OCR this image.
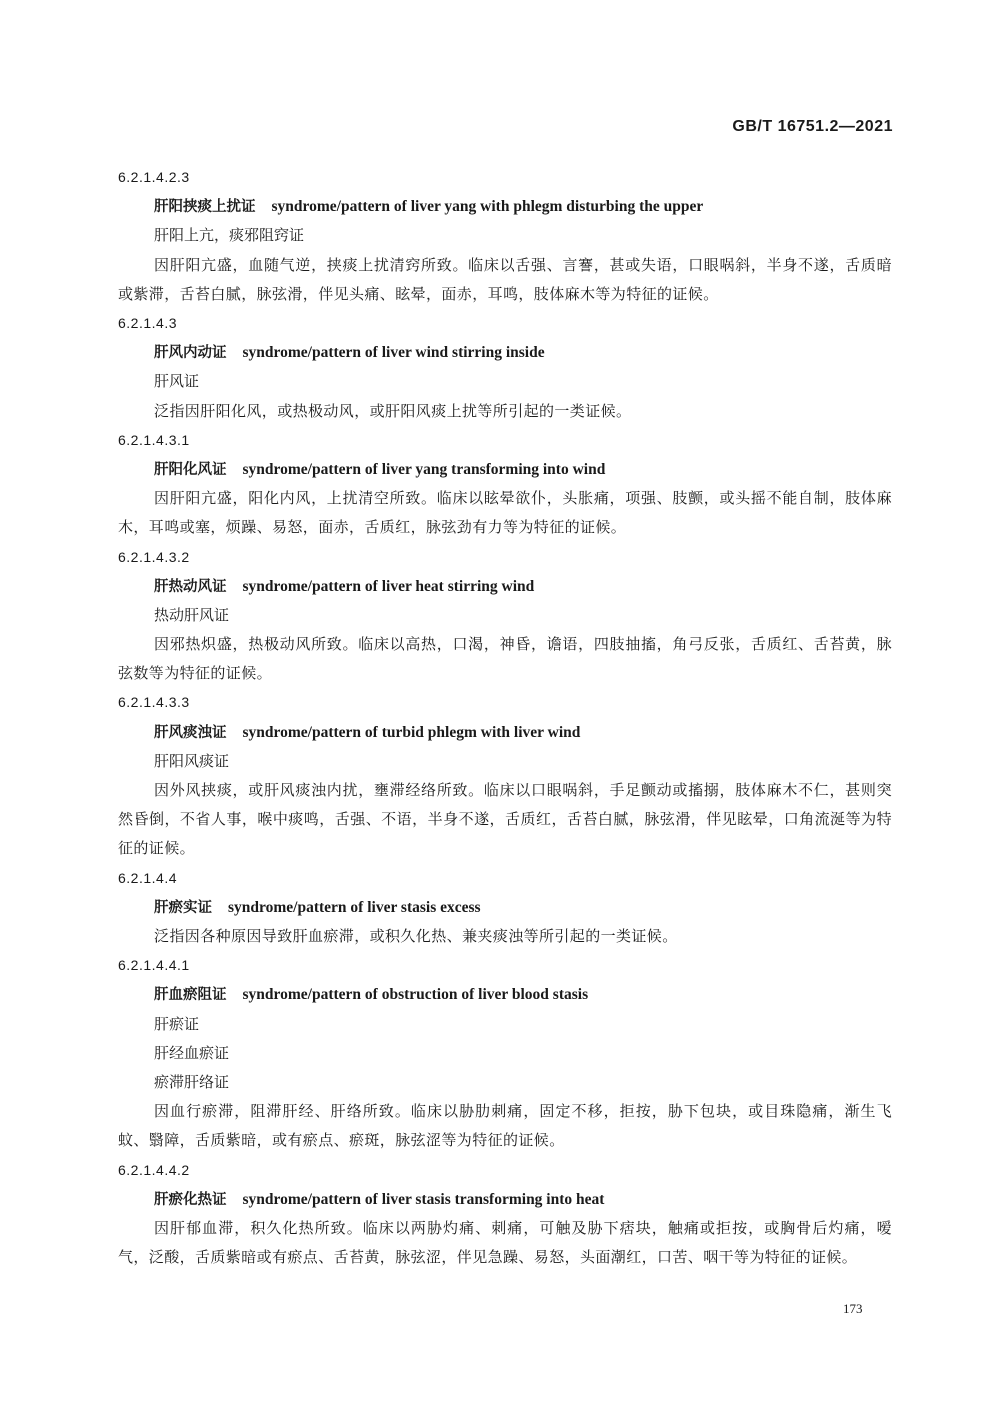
GB/T 16751.2—2021
6.2.1.4.2.3
肝阳挟痰上扰证 syndrome/pattern of liver yang with phlegm disturbing the upper
肝阳上亢，痰邪阻窍证
因肝阳亢盛，血随气逆，挟痰上扰清窍所致。临床以舌强、言謇，甚或失语，口眼㖞斜，半身不遂，舌质暗或紫滞，舌苔白腻，脉弦滑，伴见头痛、眩晕，面赤，耳鸣，肢体麻木等为特征的证候。
6.2.1.4.3
肝风内动证 syndrome/pattern of liver wind stirring inside
肝风证
泛指因肝阳化风，或热极动风，或肝阳风痰上扰等所引起的一类证候。
6.2.1.4.3.1
肝阳化风证 syndrome/pattern of liver yang transforming into wind
因肝阳亢盛，阳化内风，上扰清空所致。临床以眩晕欲仆，头胀痛，项强、肢颤，或头摇不能自制，肢体麻木，耳鸣或塞，烦躁、易怒，面赤，舌质红，脉弦劲有力等为特征的证候。
6.2.1.4.3.2
肝热动风证 syndrome/pattern of liver heat stirring wind
热动肝风证
因邪热炽盛，热极动风所致。临床以高热，口渴，神昏，谵语，四肢抽搐，角弓反张，舌质红、舌苔黄，脉弦数等为特征的证候。
6.2.1.4.3.3
肝风痰浊证 syndrome/pattern of turbid phlegm with liver wind
肝阳风痰证
因外风挟痰，或肝风痰浊内扰，壅滞经络所致。临床以口眼㖞斜，手足颤动或搐搦，肢体麻木不仁，甚则突然昏倒，不省人事，喉中痰鸣，舌强、不语，半身不遂，舌质红，舌苔白腻，脉弦滑，伴见眩晕，口角流涎等为特征的证候。
6.2.1.4.4
肝瘀实证 syndrome/pattern of liver stasis excess
泛指因各种原因导致肝血瘀滞，或积久化热、兼夹痰浊等所引起的一类证候。
6.2.1.4.4.1
肝血瘀阻证 syndrome/pattern of obstruction of liver blood stasis
肝瘀证
肝经血瘀证
瘀滞肝络证
因血行瘀滞，阻滞肝经、肝络所致。临床以胁肋刺痛，固定不移，拒按，胁下包块，或目珠隐痛，渐生飞蚊、翳障，舌质紫暗，或有瘀点、瘀斑，脉弦涩等为特征的证候。
6.2.1.4.4.2
肝瘀化热证 syndrome/pattern of liver stasis transforming into heat
因肝郁血滞，积久化热所致。临床以两胁灼痛、刺痛，可触及胁下痞块，触痛或拒按，或胸骨后灼痛，嗳气，泛酸，舌质紫暗或有瘀点、舌苔黄，脉弦涩，伴见急躁、易怒，头面潮红，口苦、咽干等为特征的证候。
173
